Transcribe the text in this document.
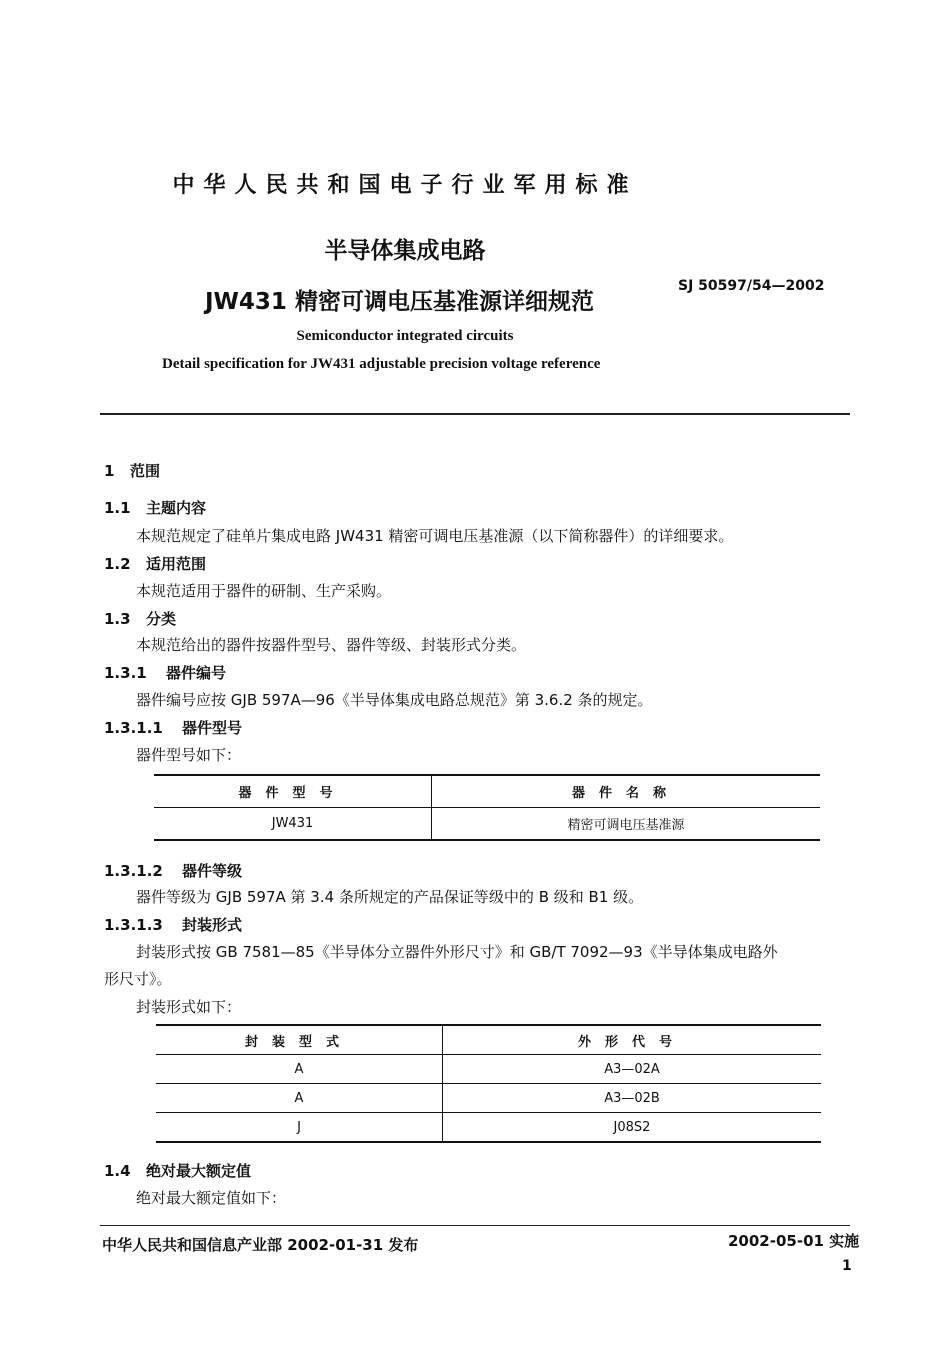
中华人民共和国电子行业军用标准
半导体集成电路
JW431 精密可调电压基准源详细规范
SJ 50597/54—2002
Semiconductor integrated circuits
Detail specification for JW431 adjustable precision voltage reference
1 范围
1.1 主题内容
本规范规定了硅单片集成电路 JW431 精密可调电压基准源（以下简称器件）的详细要求。
1.2 适用范围
本规范适用于器件的研制、生产采购。
1.3 分类
本规范给出的器件按器件型号、器件等级、封装形式分类。
1.3.1 器件编号
器件编号应按 GJB 597A—96《半导体集成电路总规范》第 3.6.2 条的规定。
1.3.1.1 器件型号
器件型号如下：
器件型号	器件名称
JW431	精密可调电压基准源
1.3.1.2 器件等级
器件等级为 GJB 597A 第 3.4 条所规定的产品保证等级中的 B 级和 B1 级。
1.3.1.3 封装形式
封装形式按 GB 7581—85《半导体分立器件外形尺寸》和 GB/T 7092—93《半导体集成电路外
形尺寸》。
封装形式如下：
封装型式	外形代号
A	A3—02A
A	A3—02B
J	J08S2
1.4 绝对最大额定值
绝对最大额定值如下：
中华人民共和国信息产业部 2002-01-31 发布	2002-05-01 实施
1
